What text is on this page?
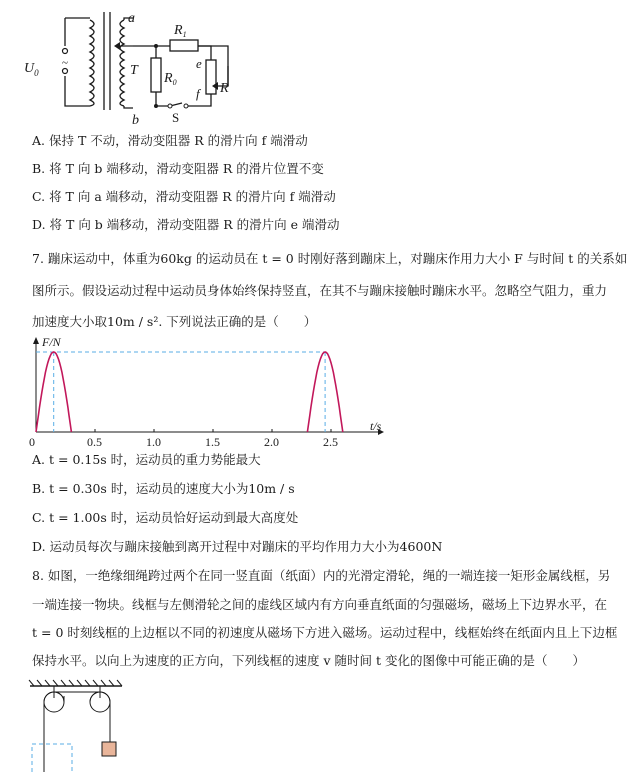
~
$U_0$
a
b
T
$R_1$
$R_0$
e
f R
S
A. 保持 T 不动，滑动变阻器 R 的滑片向 f 端滑动
B. 将 T 向 b 端移动，滑动变阻器 R 的滑片位置不变
C. 将 T 向 a 端移动，滑动变阻器 R 的滑片向 f 端滑动
D. 将 T 向 b 端移动，滑动变阻器 R 的滑片向 e 端滑动
7. 蹦床运动中，体重为60kg 的运动员在 t = 0 时刚好落到蹦床上，对蹦床作用力大小 F 与时间 t 的关系如
图所示。假设运动过程中运动员身体始终保持竖直，在其不与蹦床接触时蹦床水平。忽略空气阻力，重力
加速度大小取10m / s². 下列说法正确的是（　　）
F/N
t/s
0	0.5	1.0	1.5	2.0	2.5
A. t = 0.15s 时，运动员的重力势能最大
B. t = 0.30s 时，运动员的速度大小为10m / s
C. t = 1.00s 时，运动员恰好运动到最大高度处
D. 运动员每次与蹦床接触到离开过程中对蹦床的平均作用力大小为4600N
8. 如图，一绝缘细绳跨过两个在同一竖直面（纸面）内的光滑定滑轮，绳的一端连接一矩形金属线框，另
一端连接一物块。线框与左侧滑轮之间的虚线区域内有方向垂直纸面的匀强磁场，磁场上下边界水平，在
t = 0 时刻线框的上边框以不同的初速度从磁场下方进入磁场。运动过程中，线框始终在纸面内且上下边框
保持水平。以向上为速度的正方向，下列线框的速度 v 随时间 t 变化的图像中可能正确的是（　　）
